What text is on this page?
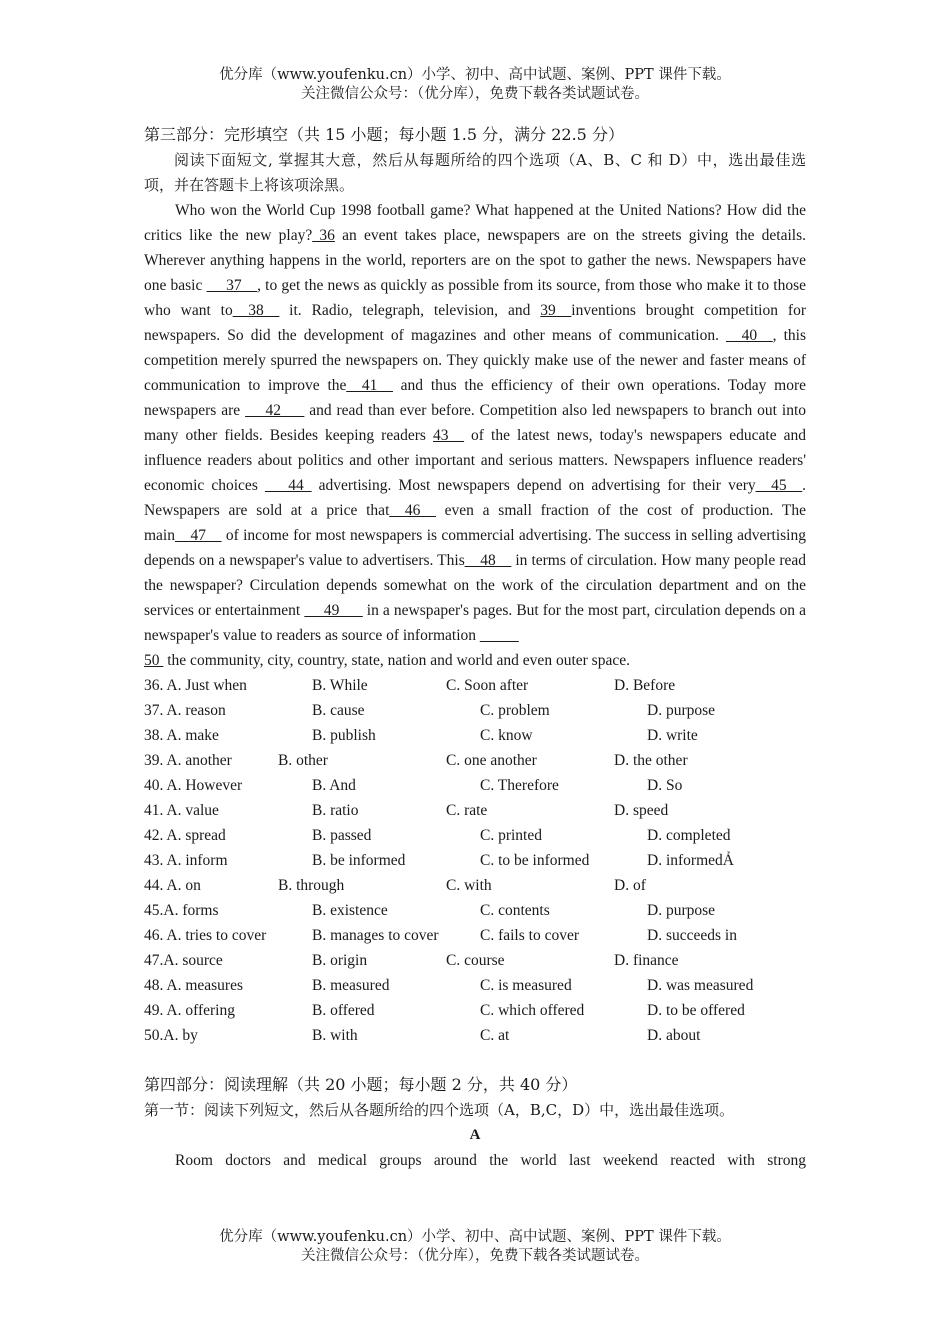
优分库（www.youfenku.cn）小学、初中、高中试题、案例、PPT 课件下载。
关注微信公众号：（优分库），免费下载各类试题试卷。

第三部分：完形填空（共 15 小题；每小题 1.5 分，满分 22.5 分）

阅读下面短文, 掌握其大意，然后从每题所给的四个选项（A、B、C 和 D）中，选出最佳选项，并在答题卡上将该项涂黑。

Who won the World Cup 1998 football game? What happened at the United Nations? How did the critics like the new play? 36 an event takes place, newspapers are on the streets giving the details. Wherever anything happens in the world, reporters are on the spot to gather the news. Newspapers have one basic  __37__, to get the news as quickly as possible from its source, from those who make it to those who want to__38__ it. Radio, telegraph, television, and 39__inventions brought competition for newspapers. So did the development of magazines and other means of communication. __40__, this competition merely spurred the newspapers on. They quickly make use of the newer and faster means of communication to improve the__41__ and thus the efficiency of their own operations. Today more newspapers are  __42___ and read than ever before. Competition also led newspapers to branch out into many other fields. Besides keeping readers 43__ of the latest news, today's newspapers educate and influence readers about politics and other important and serious matters. Newspapers influence readers' economic choices ___44_ advertising. Most newspapers depend on advertising for their very__45__. Newspapers are sold at a price that__46__ even a small fraction of the cost of production. The main__47__ of income for most newspapers is commercial advertising. The success in selling advertising depends on a newspaper's value to advertisers. This__48__ in terms of circulation. How many people read the newspaper? Circulation depends somewhat on the work of the circulation department and on the services or entertainment  __49___ in a newspaper's pages. But for the most part, circulation depends on a newspaper's value to readers as source of information _____
50  the community, city, country, state, nation and world and even outer space.

36. A. Just when	B. While	C. Soon after	D. Before
37. A. reason	B. cause	C. problem	D. purpose
38. A. make	B. publish	C. know	D. write
39. A. another	B. other	C. one another	D. the other
40. A. However	B. And	C. Therefore	D. So
41. A. value	B. ratio	C. rate	D. speed
42. A. spread	B. passed	C. printed	D. completed
43. A. inform	B. be informed	C. to be informed	D. informedẢ
44. A. on	B. through	C. with	D. of
45.A. forms	B. existence	C. contents	D. purpose
46. A. tries to cover	B. manages to cover	C. fails to cover	D. succeeds in
47.A. source	B. origin	C. course	D. finance
48. A. measures	B. measured	C. is measured	D. was measured
49. A. offering	B. offered	C. which offered	D. to be offered
50.A. by	B. with	C. at	D. about

第四部分：阅读理解（共 20 小题；每小题 2 分，共 40 分）

第一节：阅读下列短文，然后从各题所给的四个选项（A，B,C，D）中，选出最佳选项。

A

Room doctors and medical groups around the world last weekend reacted with strong

优分库（www.youfenku.cn）小学、初中、高中试题、案例、PPT 课件下载。
关注微信公众号：（优分库），免费下载各类试题试卷。
